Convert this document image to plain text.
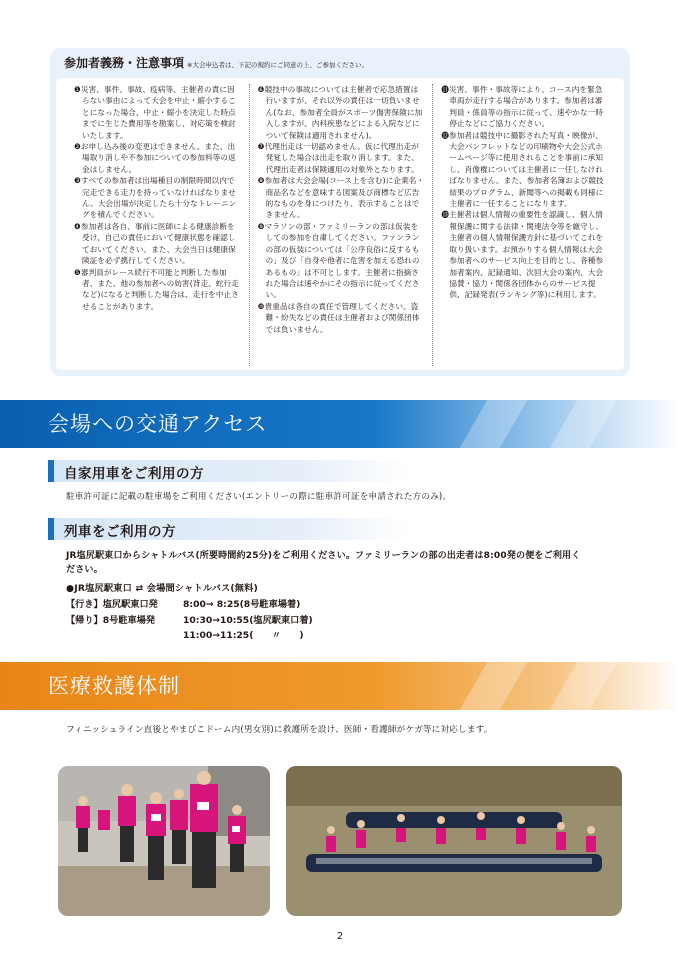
参加者義務・注意事項 ※大会申込者は、下記の規約にご同意の上、ご参加ください。

❶災害、事件、事故、疫病等、主催者の責に因らない事由によって大会を中止・縮小することになった場合、中止・縮小を決定した時点までに生じた費用等を勘案し、対応策を検討いたします。

❷お申し込み後の変更はできません。また、出場取り消しや不参加についての参加料等の返金はしません。

❸すべての参加者は出場種目の制限時間以内で完走できる走力を持っていなければなりません。大会出場が決定したら十分なトレーニングを積んでください。

❹参加者は各自、事前に医師による健康診断を受け、自己の責任において健康状態を確認しておいてください。また、大会当日は健康保険証を必ず携行してください。

❺審判員がレース続行不可能と判断した参加者、また、他の参加者への妨害(背走、蛇行走など)になると判断した場合は、走行を中止させることがあります。

❻競技中の事故については主催者で応急措置は行いますが、それ以外の責任は一切負いません(なお、参加者全員がスポーツ傷害保険に加入しますが、内科疾患などによる入院などについて保険は適用されません)。

❼代理出走は一切認めません。仮に代理出走が発覚した場合は出走を取り消します。また、代理出走者は保険適用の対象外となります。

❽参加者は大会会場(コース上を含む)に企業名・商品名などを意味する図案及び商標など広告的なものを身につけたり、表示することはできません。

❾マラソンの部・ファミリーランの部は仮装をしての参加を自粛してください。ファンランの部の仮装については「公序良俗に反するもの」及び「自身や他者に危害を加える恐れのあるもの」は不可とします。主催者に指摘された場合は速やかにその指示に従ってください。

❿貴重品は各自の責任で管理してください。盗難・紛失などの責任は主催者および関係団体では負いません。

⓫災害、事件・事故等により、コース内を緊急車両が走行する場合があります。参加者は審判員・係員等の指示に従って、速やかな一時停止などにご協力ください。

⓬参加者は競技中に撮影された写真・映像が、大会パンフレットなどの印刷物や大会公式ホームページ等に使用されることを事前に承知し、肖像権については主催者に一任しなければなりません。また、参加者名簿および競技結果のプログラム、新聞等への掲載も同様に主催者に一任することになります。

⓭主催者は個人情報の重要性を認識し、個人情報保護に関する法律・関連法令等を厳守し、主催者の個人情報保護方針に基づいてこれを取り扱います。お預かりする個人情報は大会参加者へのサービス向上を目的とし、各種参加者案内、記録通知、次回大会の案内、大会協賛・協力・関係各団体からのサービス提供、記録発表(ランキング等)に利用します。

会場への交通アクセス
自家用車をご利用の方
駐車許可証に記載の駐車場をご利用ください(エントリーの際に駐車許可証を申請された方のみ)。
列車をご利用の方
JR塩尻駅東口からシャトルバス(所要時間約25分)をご利用ください。ファミリーランの部の出走者は8:00発の便をご利用く
ださい。
●JR塩尻駅東口 ⇄ 会場間シャトルバス(無料)
【行き】塩尻駅東口発	8:00→ 8:25(8号駐車場着)
【帰り】8号駐車場発	10:30→10:55(塩尻駅東口着)
11:00→11:25(　　〃　　)
医療救護体制
フィニッシュライン直後とやまびこドーム内(男女別)に救護所を設け、医師・看護師がケガ等に対応します。
2
